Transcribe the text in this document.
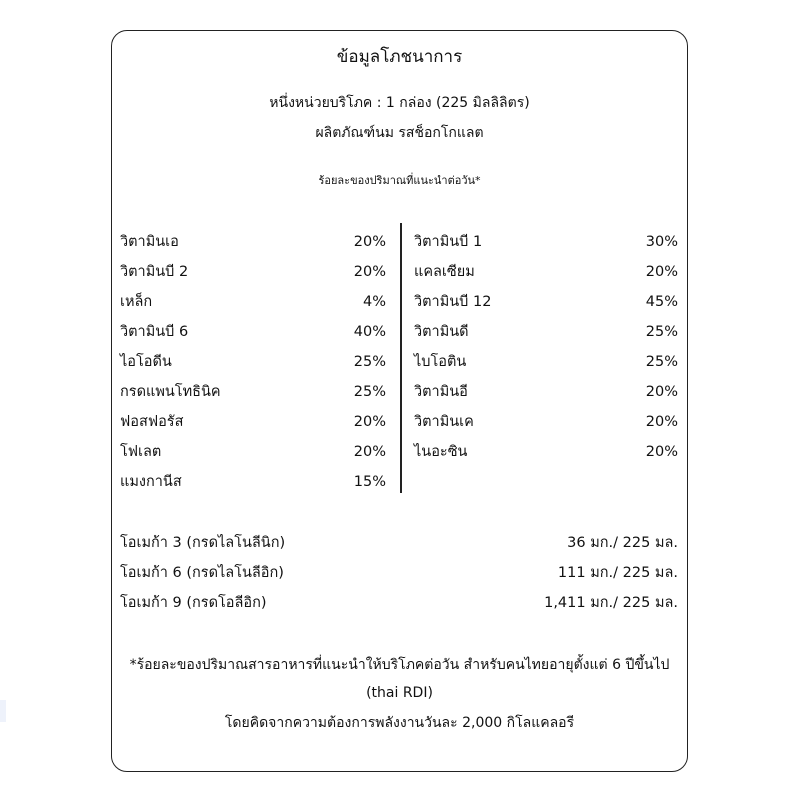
ข้อมูลโภชนาการ
หนึ่งหน่วยบริโภค : 1 กล่อง (225 มิลลิลิตร)
ผลิตภัณฑ์นม รสช็อกโกแลต
ร้อยละของปริมาณที่แนะนำต่อวัน*
วิตามินเอ	20%
วิตามินบี 2	20%
เหล็ก	4%
วิตามินบี 6	40%
ไอโอดีน	25%
กรดแพนโทธินิค	25%
ฟอสฟอรัส	20%
โฟเลต	20%
แมงกานีส	15%
วิตามินบี 1	30%
แคลเซียม	20%
วิตามินบี 12	45%
วิตามินดี	25%
ไบโอติน	25%
วิตามินอี	20%
วิตามินเค	20%
ไนอะซิน	20%
โอเมก้า 3 (กรดไลโนลีนิก)	36 มก./ 225 มล.
โอเมก้า 6 (กรดไลโนลีอิก)	111 มก./ 225 มล.
โอเมก้า 9 (กรดโอลีอิก)	1,411 มก./ 225 มล.
*ร้อยละของปริมาณสารอาหารที่แนะนำให้บริโภคต่อวัน สำหรับคนไทยอายุตั้งแต่ 6 ปีขึ้นไป (thai RDI)
โดยคิดจากความต้องการพลังงานวันละ 2,000 กิโลแคลอรี
